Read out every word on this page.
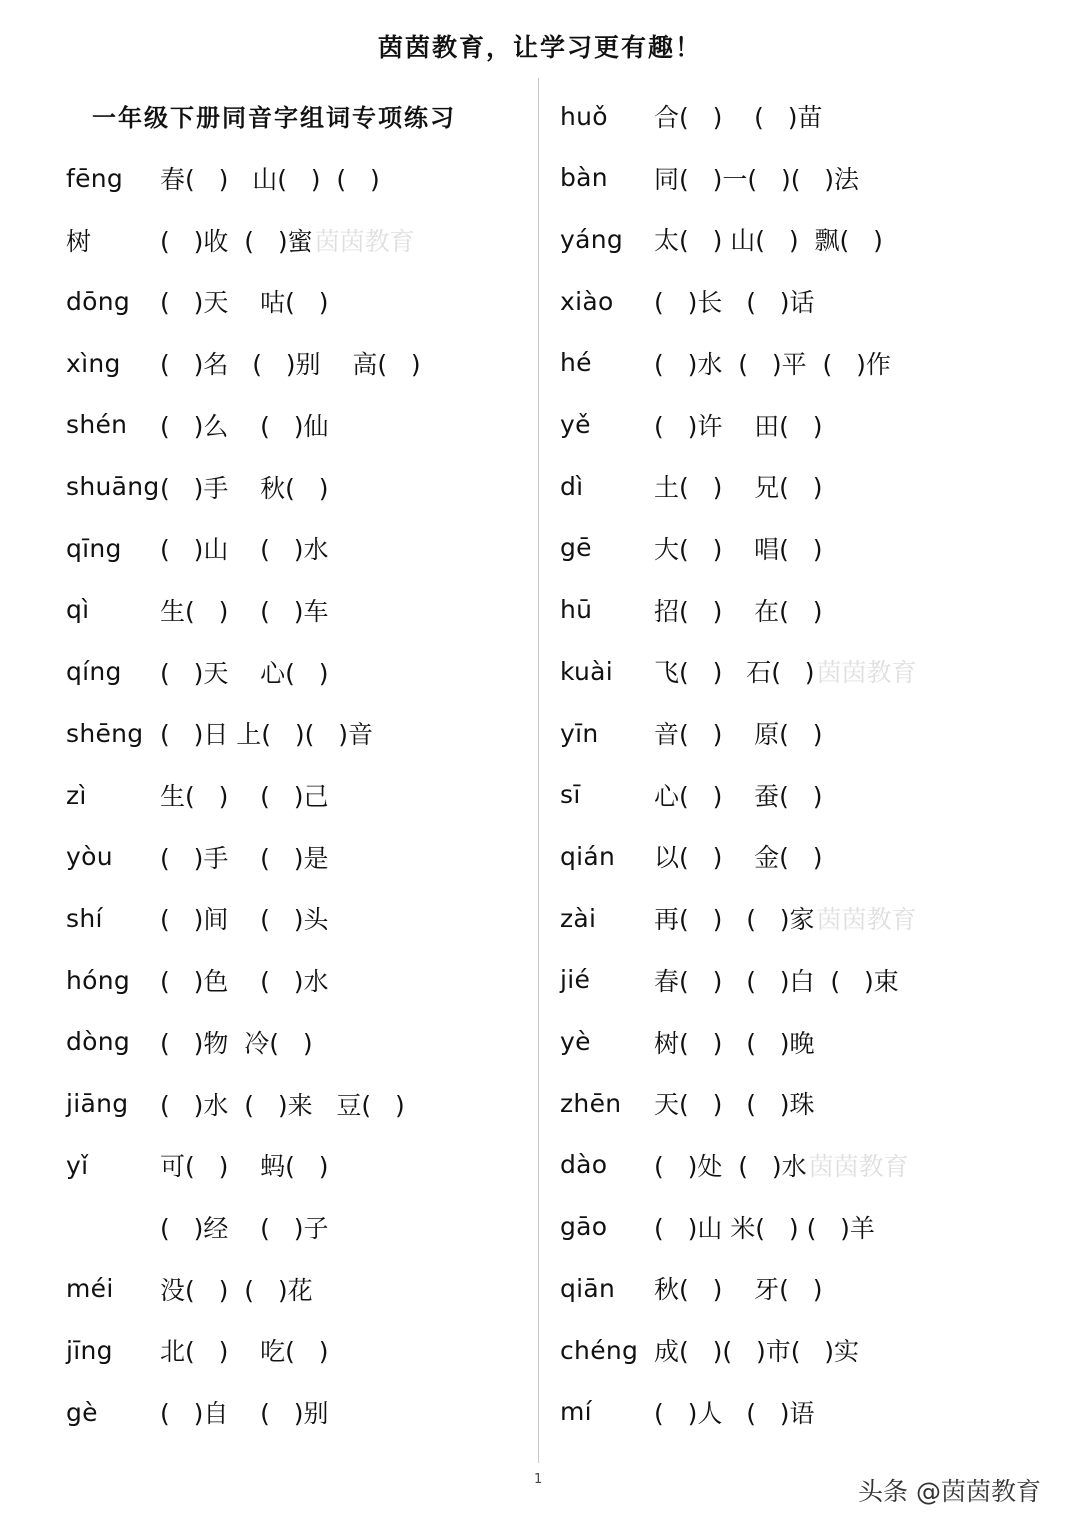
茵茵教育，让学习更有趣！
一年级下册同音字组词专项练习
fēng	春(   )   山(   )  (   )
树	(   )收  (   )蜜 茵茵教育
dōng	(   )天    咕(   )
xìng	(   )名   (   )别    高(   )
shén	(   )么    (   )仙
shuāng (   )手    秋(   )
qīng	(   )山    (   )水
qì	生(   )    (   )车
qíng	(   )天    心(   )
shēng (   )日 上(   )(   )音
zì	生(   )    (   )己
yòu	(   )手    (   )是
shí	(   )间    (   )头
hóng	(   )色    (   )水
dòng	(   )物  冷(   )
jiāng	(   )水  (   )来   豆(   )
yǐ	可(   )    蚂(   )
(   )经    (   )子
méi	没(   )  (   )花
jīng	北(   )    吃(   )
gè	(   )自    (   )别
huǒ	合(   )    (   )苗
bàn	同(   )一(   )(   )法
yáng	太(   ) 山(   )  飘(   )
xiào	(   )长   (   )话
hé	(   )水  (   )平  (   )作
yě	(   )许    田(   )
dì	土(   )    兄(   )
gē	大(   )    唱(   )
hū	招(   )    在(   )
kuài	飞(   )   石(   ) 茵茵教育
yīn	音(   )    原(   )
sī	心(   )    蚕(   )
qián	以(   )    金(   )
zài	再(   )   (   )家 茵茵教育
jié	春(   )   (   )白  (   )束
yè	树(   )   (   )晚
zhēn	天(   )   (   )珠
dào	(   )处  (   )水 茵茵教育
gāo	(   )山 米(   ) (   )羊
qiān	秋(   )    牙(   )
chéng 成(   )(   )市(   )实
mí	(   )人   (   )语
1	头条 @茵茵教育
